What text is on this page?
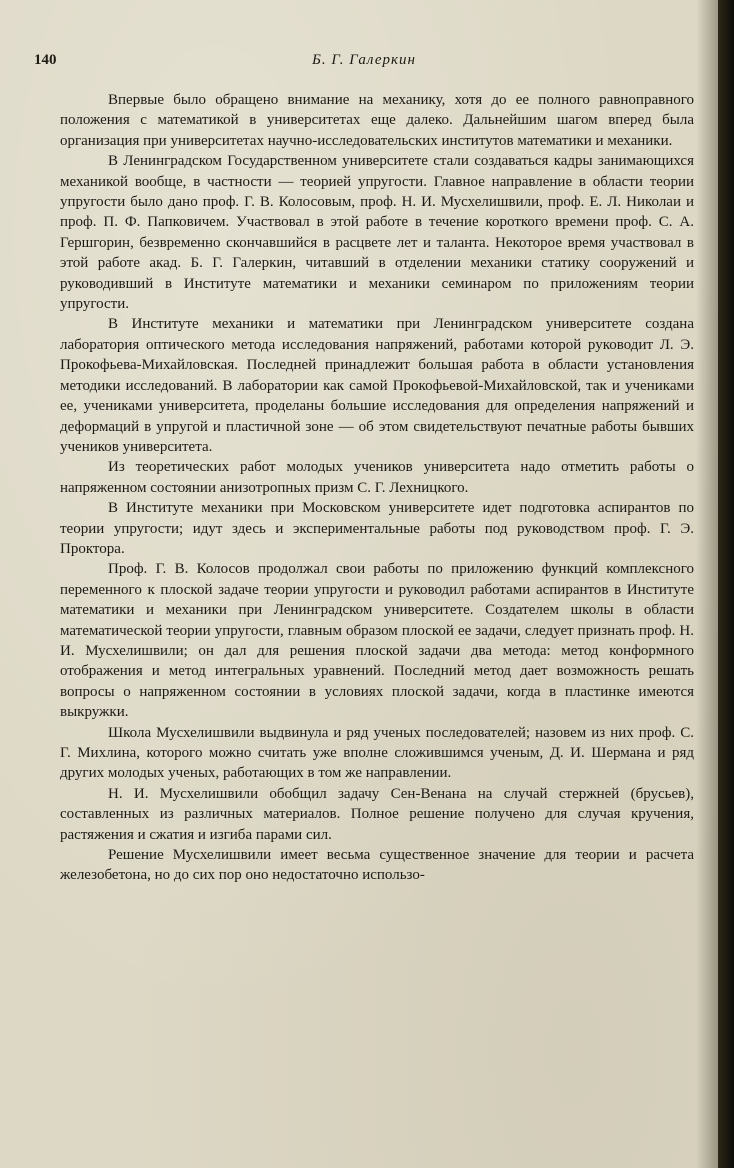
140	Б. Г. Галеркин

Впервые было обращено внимание на механику, хотя до ее полного равноправного положения с математикой в университетах еще далеко. Дальнейшим шагом вперед была организация при университетах научно-исследовательских институтов математики и механики.

В Ленинградском Государственном университете стали создаваться кадры занимающихся механикой вообще, в частности — теорией упругости. Главное направление в области теории упругости было дано проф. Г. В. Колосовым, проф. Н. И. Мусхелишвили, проф. Е. Л. Николаи и проф. П. Ф. Папковичем. Участвовал в этой работе в течение короткого времени проф. С. А. Гершгорин, безвременно скончавшийся в расцвете лет и таланта. Некоторое время участвовал в этой работе акад. Б. Г. Галеркин, читавший в отделении механики статику сооружений и руководивший в Институте математики и механики семинаром по приложениям теории упругости.

В Институте механики и математики при Ленинградском университете создана лаборатория оптического метода исследования напряжений, работами которой руководит Л. Э. Прокофьева-Михайловская. Последней принадлежит большая работа в области установления методики исследований. В лаборатории как самой Прокофьевой-Михайловской, так и учениками ее, учениками университета, проделаны большие исследования для определения напряжений и деформаций в упругой и пластичной зоне — об этом свидетельствуют печатные работы бывших учеников университета.

Из теоретических работ молодых учеников университета надо отметить работы о напряженном состоянии анизотропных призм С. Г. Лехницкого.

В Институте механики при Московском университете идет подготовка аспирантов по теории упругости; идут здесь и экспериментальные работы под руководством проф. Г. Э. Проктора.

Проф. Г. В. Колосов продолжал свои работы по приложению функций комплексного переменного к плоской задаче теории упругости и руководил работами аспирантов в Институте математики и механики при Ленинградском университете. Создателем школы в области математической теории упругости, главным образом плоской ее задачи, следует признать проф. Н. И. Мусхелишвили; он дал для решения плоской задачи два метода: метод конформного отображения и метод интегральных уравнений. Последний метод дает возможность решать вопросы о напряженном состоянии в условиях плоской задачи, когда в пластинке имеются выкружки.

Школа Мусхелишвили выдвинула и ряд ученых последователей; назовем из них проф. С. Г. Михлина, которого можно считать уже вполне сложившимся ученым, Д. И. Шермана и ряд других молодых ученых, работающих в том же направлении.

Н. И. Мусхелишвили обобщил задачу Сен-Венана на случай стержней (брусьев), составленных из различных материалов. Полное решение получено для случая кручения, растяжения и сжатия и изгиба парами сил.

Решение Мусхелишвили имеет весьма существенное значение для теории и расчета железобетона, но до сих пор оно недостаточно использо-
